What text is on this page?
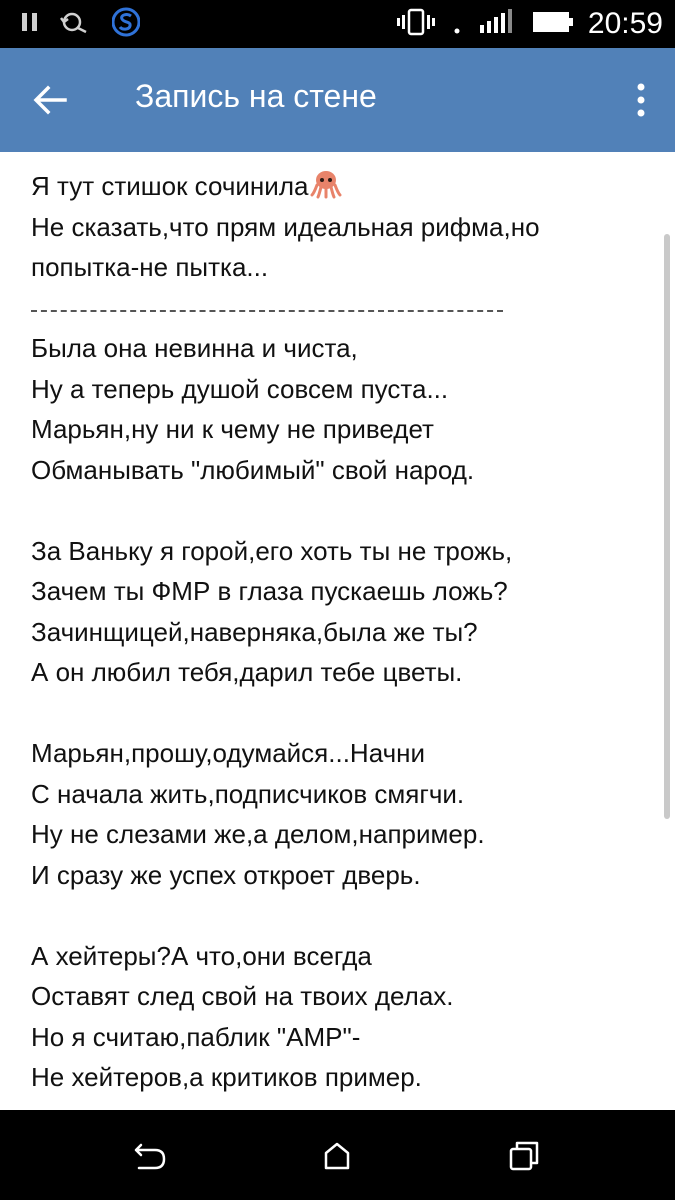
20:59
Запись на стене
Я тут стишок сочинила
Не сказать,что прям идеальная рифма,но
попытка-не пытка...
Была она невинна и чиста,
Ну а теперь душой совсем пуста...
Марьян,ну ни к чему не приведет
Обманывать "любимый" свой народ.
За Ваньку я горой,его хоть ты не трожь,
Зачем ты ФМР в глаза пускаешь ложь?
Зачинщицей,наверняка,была же ты?
А он любил тебя,дарил тебе цветы.
Марьян,прошу,одумайся...Начни
С начала жить,подписчиков смягчи.
Ну не слезами же,а делом,например.
И сразу же успех откроет дверь.
А хейтеры?А что,они всегда
Оставят след свой на твоих делах.
Но я считаю,паблик "АМР"-
Не хейтеров,а критиков пример.
